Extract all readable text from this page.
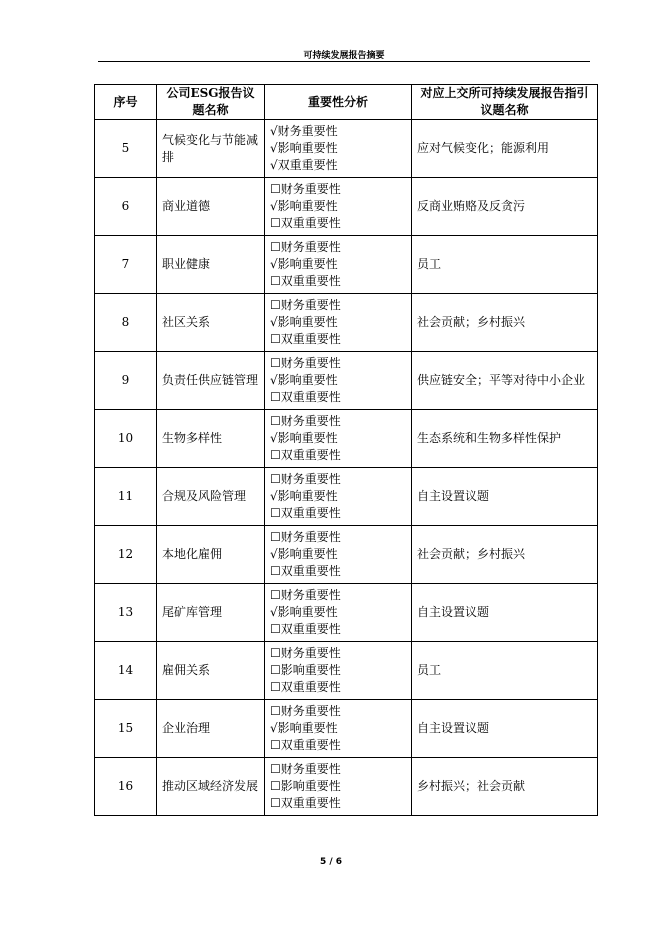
可持续发展报告摘要
序号	公司ESG报告议题名称	重要性分析	对应上交所可持续发展报告指引议题名称
5	气候变化与节能减排	√财务重要性
√影响重要性
√双重重要性	应对气候变化；能源利用
6	商业道德	☐财务重要性
√影响重要性
☐双重重要性	反商业贿赂及反贪污
7	职业健康	☐财务重要性
√影响重要性
☐双重重要性	员工
8	社区关系	☐财务重要性
√影响重要性
☐双重重要性	社会贡献；乡村振兴
9	负责任供应链管理	☐财务重要性
√影响重要性
☐双重重要性	供应链安全；平等对待中小企业
10	生物多样性	☐财务重要性
√影响重要性
☐双重重要性	生态系统和生物多样性保护
11	合规及风险管理	☐财务重要性
√影响重要性
☐双重重要性	自主设置议题
12	本地化雇佣	☐财务重要性
√影响重要性
☐双重重要性	社会贡献；乡村振兴
13	尾矿库管理	☐财务重要性
√影响重要性
☐双重重要性	自主设置议题
14	雇佣关系	☐财务重要性
☐影响重要性
☐双重重要性	员工
15	企业治理	☐财务重要性
√影响重要性
☐双重重要性	自主设置议题
16	推动区域经济发展	☐财务重要性
☐影响重要性
☐双重重要性	乡村振兴；社会贡献
5 / 6
